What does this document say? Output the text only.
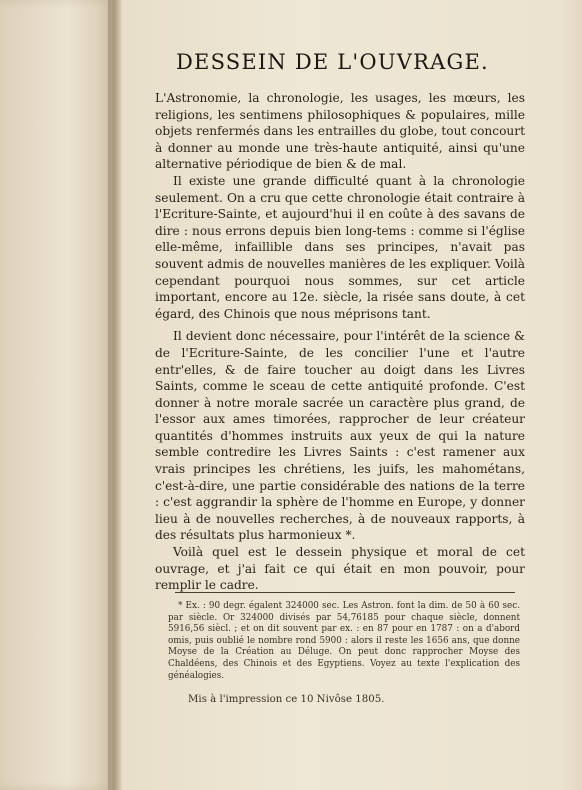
DESSEIN DE L'OUVRAGE.

L'Astronomie, la chronologie, les usages, les mœurs, les religions, les sentimens philosophiques & populaires, mille objets renfermés dans les entrailles du globe, tout concourt à donner au monde une très-haute antiquité, ainsi qu'une alternative périodique de bien & de mal.

Il existe une grande difficulté quant à la chronologie seulement. On a cru que cette chronologie était contraire à l'Ecriture-Sainte, et aujourd'hui il en coûte à des savans de dire : nous errons depuis bien long-tems : comme si l'église elle-même, infaillible dans ses principes, n'avait pas souvent admis de nouvelles manières de les expliquer. Voilà cependant pourquoi nous sommes, sur cet article important, encore au 12e. siècle, la risée sans doute, à cet égard, des Chinois que nous méprisons tant.

Il devient donc nécessaire, pour l'intérêt de la science & de l'Ecriture-Sainte, de les concilier l'une et l'autre entr'elles, & de faire toucher au doigt dans les Livres Saints, comme le sceau de cette antiquité profonde. C'est donner à notre morale sacrée un caractère plus grand, de l'essor aux ames timorées, rapprocher de leur créateur quantités d'hommes instruits aux yeux de qui la nature semble contredire les Livres Saints : c'est ramener aux vrais principes les chrétiens, les juifs, les mahométans, c'est-à-dire, une partie considérable des nations de la terre : c'est aggrandir la sphère de l'homme en Europe, y donner lieu à de nouvelles recherches, à de nouveaux rapports, à des résultats plus harmonieux *.

Voilà quel est le dessein physique et moral de cet ouvrage, et j'ai fait ce qui était en mon pouvoir, pour remplir le cadre.

* Ex. : 90 degr. égalent 324000 sec. Les Astron. font la dim. de 50 à 60 sec. par siècle. Or 324000 divisés par 54,76185 pour chaque siècle, donnent 5916,56 siècl. ; et on dit souvent par ex. : en 87 pour en 1787 : on a d'abord omis, puis oublié le nombre rond 5900 : alors il reste les 1656 ans, que donne Moyse de la Création au Déluge. On peut donc rapprocher Moyse des Chaldéens, des Chinois et des Egyptiens. Voyez au texte l'explication des généalogies.

Mis à l'impression ce 10 Nivôse 1805.
